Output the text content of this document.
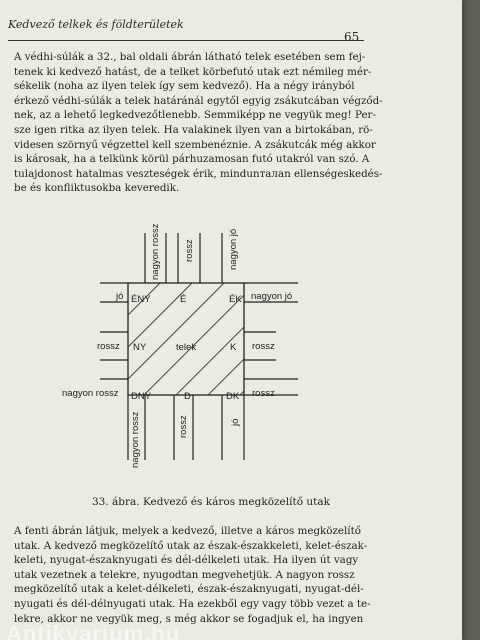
Kedvező telkek és földterületek
65
A védhi-súlák a 32., bal oldali ábrán látható telek esetében sem fej-
tenek ki kedvező hatást, de a telket körbefutó utak ezt némileg mér-
sékelik (noha az ilyen telek így sem kedvező). Ha a négy irányból
érkező védhi-súlák a telek határánál egytől egyig zsákutcában végződ-
nek, az a lehető legkedvezőtlenebb. Semmiképp ne vegyük meg! Per-
sze igen ritka az ilyen telek. Ha valakinek ilyen van a birtokában, rö-
videsen szörnyű végzettel kell szembenéznie. A zsákutcák még akkor
is károsak, ha a telkünk körül párhuzamosan futó utakról van szó. A
tulajdonost hatalmas veszteségek érik, mindunталan ellenségeskedés-
be és konfliktusokba keveredik.
ÉNY	É	ÉK
NY	telek	K
DNY	D	DK
jó	nagyon jó
rossz	rossz
nagyon rossz	rossz
nagyon rossz rossz	nagyon jó
nagyon rossz	rossz	jó
33. ábra. Kedvező és káros megközelítő utak
A fenti ábrán látjuk, melyek a kedvező, illetve a káros megközelítő
utak. A kedvező megközelítő utak az észak-északkeleti, kelet-észak-
keleti, nyugat-északnyugati és dél-délkeleti utak. Ha ilyen út vagy
utak vezetnek a telekre, nyugodtan megvehetjük. A nagyon rossz
megközelítő utak a kelet-délkeleti, észak-északnyugati, nyugat-dél-
nyugati és dél-délnyugati utak. Ha ezekből egy vagy több vezet a te-
lekre, akkor ne vegyük meg, s még akkor se fogadjuk el, ha ingyen
Antikvarium.hu
